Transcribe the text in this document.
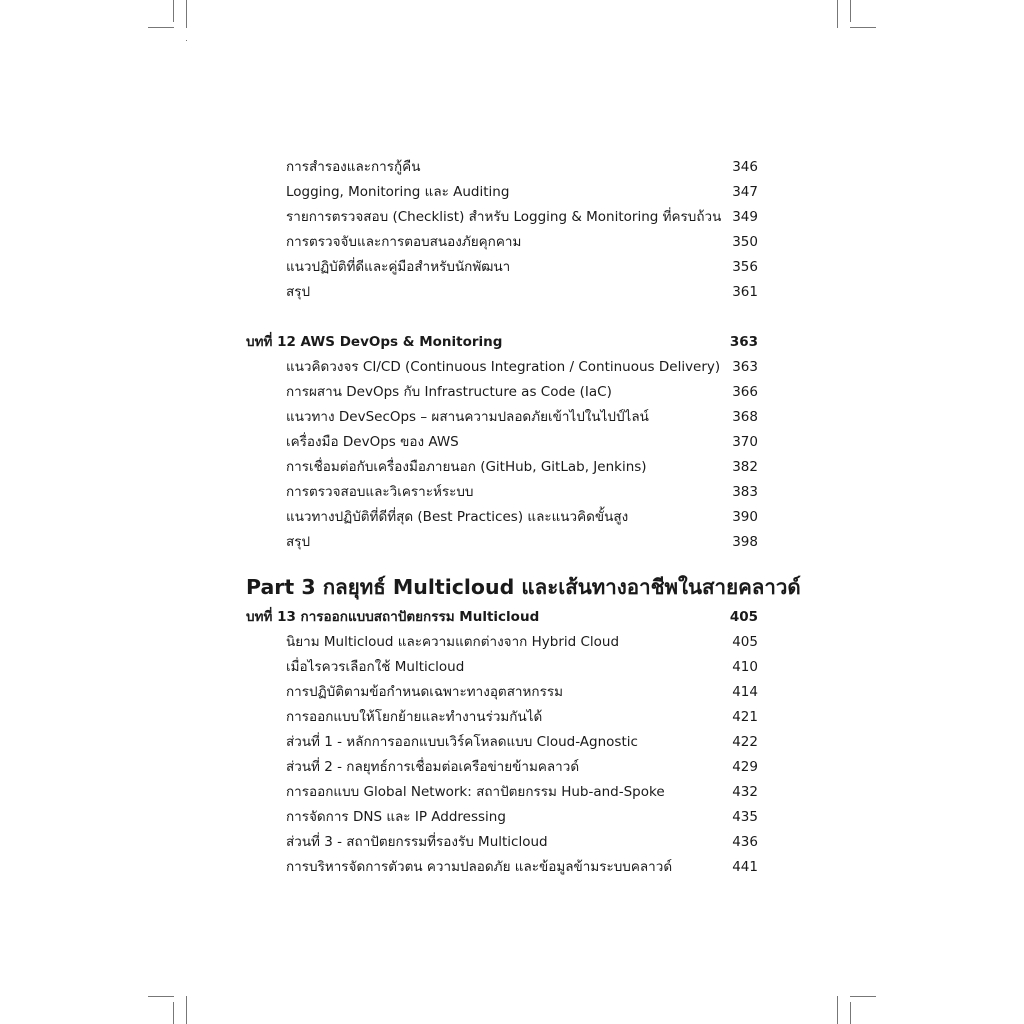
การสำรองและการกู้คืน	346
Logging, Monitoring และ Auditing	347
รายการตรวจสอบ (Checklist) สำหรับ Logging & Monitoring ที่ครบถ้วน 349
การตรวจจับและการตอบสนองภัยคุกคาม	350
แนวปฏิบัติที่ดีและคู่มือสำหรับนักพัฒนา	356
สรุป	361
บทที่ 12 AWS DevOps & Monitoring	363
แนวคิดวงจร CI/CD (Continuous Integration / Continuous Delivery) 363
การผสาน DevOps กับ Infrastructure as Code (IaC)	366
แนวทาง DevSecOps – ผสานความปลอดภัยเข้าไปในไปป์ไลน์	368
เครื่องมือ DevOps ของ AWS	370
การเชื่อมต่อกับเครื่องมือภายนอก (GitHub, GitLab, Jenkins)	382
การตรวจสอบและวิเคราะห์ระบบ	383
แนวทางปฏิบัติที่ดีที่สุด (Best Practices) และแนวคิดขั้นสูง	390
สรุป	398
Part 3 กลยุทธ์ Multicloud และเส้นทางอาชีพในสายคลาวด์
บทที่ 13 การออกแบบสถาปัตยกรรม Multicloud	405
นิยาม Multicloud และความแตกต่างจาก Hybrid Cloud	405
เมื่อไรควรเลือกใช้ Multicloud	410
การปฏิบัติตามข้อกำหนดเฉพาะทางอุตสาหกรรม	414
การออกแบบให้โยกย้ายและทำงานร่วมกันได้	421
ส่วนที่ 1 - หลักการออกแบบเวิร์คโหลดแบบ Cloud-Agnostic	422
ส่วนที่ 2 - กลยุทธ์การเชื่อมต่อเครือข่ายข้ามคลาวด์	429
การออกแบบ Global Network: สถาปัตยกรรม Hub-and-Spoke	432
การจัดการ DNS และ IP Addressing	435
ส่วนที่ 3 - สถาปัตยกรรมที่รองรับ Multicloud	436
การบริหารจัดการตัวตน ความปลอดภัย และข้อมูลข้ามระบบคลาวด์	441
